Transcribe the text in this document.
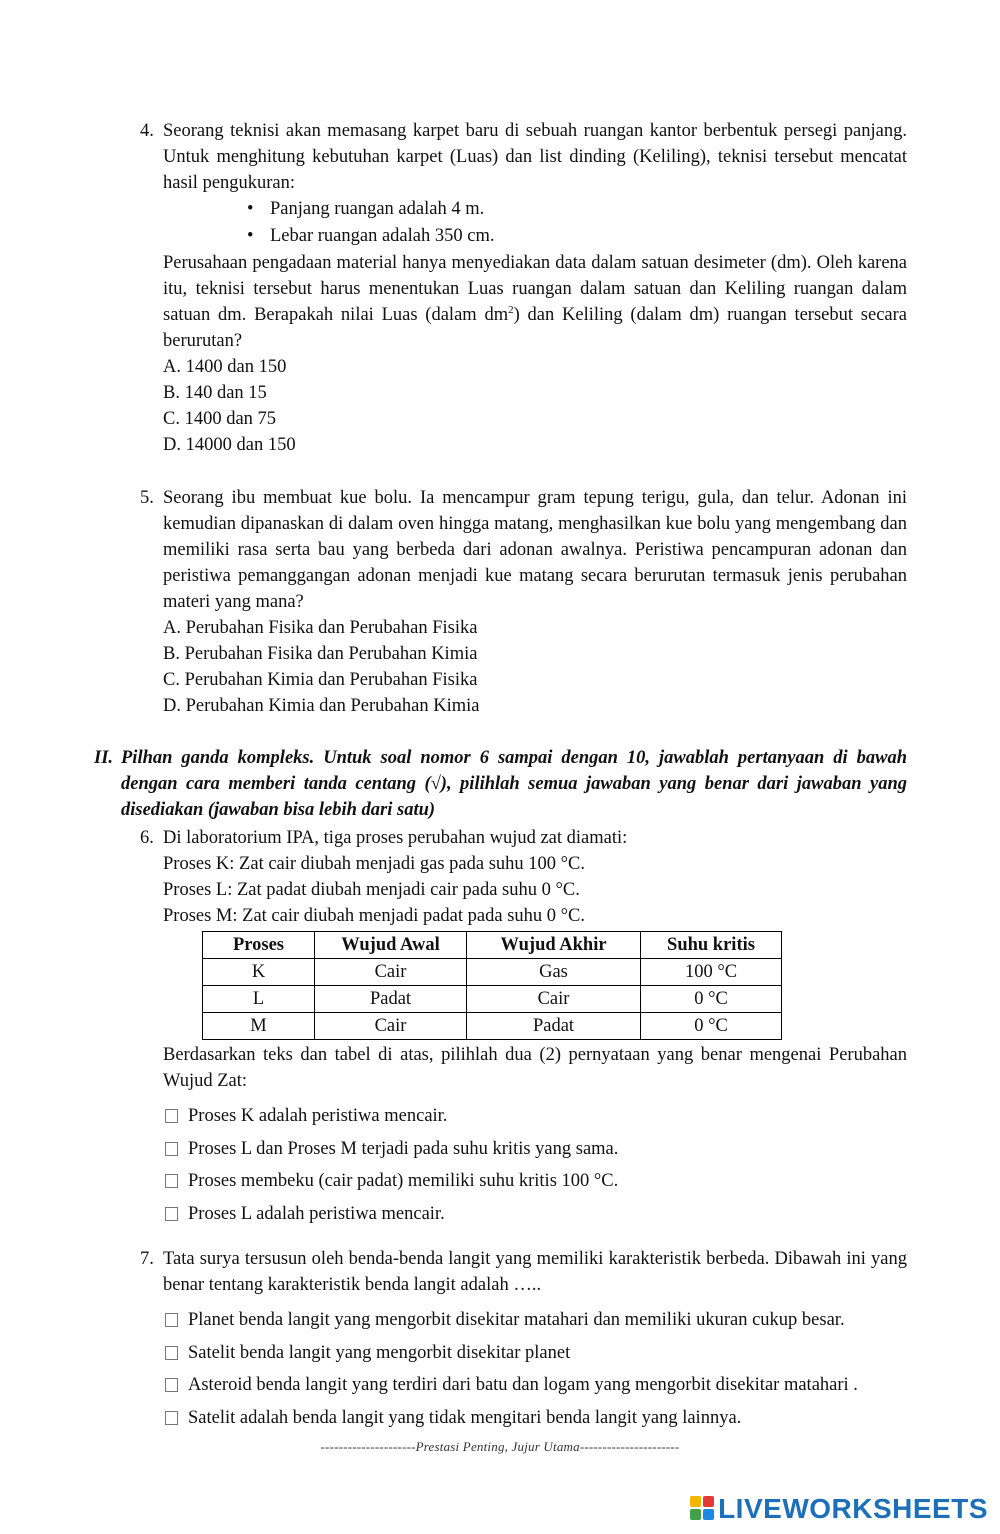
4. Seorang teknisi akan memasang karpet baru di sebuah ruangan kantor berbentuk persegi panjang. Untuk menghitung kebutuhan karpet (Luas) dan list dinding (Keliling), teknisi tersebut mencatat hasil pengukuran:

• Panjang ruangan adalah 4 m.
• Lebar ruangan adalah 350 cm.

Perusahaan pengadaan material hanya menyediakan data dalam satuan desimeter (dm). Oleh karena itu, teknisi tersebut harus menentukan Luas ruangan dalam satuan dan Keliling ruangan dalam satuan dm. Berapakah nilai Luas (dalam $dm^2$) dan Keliling (dalam dm) ruangan tersebut secara berurutan?

A. 1400 dan 150
B. 140 dan 15
C. 1400 dan 75
D. 14000 dan 150
5. Seorang ibu membuat kue bolu. Ia mencampur gram tepung terigu, gula, dan telur. Adonan ini kemudian dipanaskan di dalam oven hingga matang, menghasilkan kue bolu yang mengembang dan memiliki rasa serta bau yang berbeda dari adonan awalnya. Peristiwa pencampuran adonan dan peristiwa pemanggangan adonan menjadi kue matang secara berurutan termasuk jenis perubahan materi yang mana?

A. Perubahan Fisika dan Perubahan Fisika
B. Perubahan Fisika dan Perubahan Kimia
C. Perubahan Kimia dan Perubahan Fisika
D. Perubahan Kimia dan Perubahan Kimia
II. Pilhan ganda kompleks. Untuk soal nomor 6 sampai dengan 10, jawablah pertanyaan di bawah dengan cara memberi tanda centang (√), pilihlah semua jawaban yang benar dari jawaban yang disediakan (jawaban bisa lebih dari satu)
6. Di laboratorium IPA, tiga proses perubahan wujud zat diamati:

Proses K: Zat cair diubah menjadi gas pada suhu 100 °C.

Proses L: Zat padat diubah menjadi cair pada suhu 0 °C.

Proses M: Zat cair diubah menjadi padat pada suhu 0 °C.

Proses	Wujud Awal	Wujud Akhir	Suhu kritis
K	Cair	Gas	100 °C
L	Padat	Cair	0 °C
M	Cair	Padat	0 °C

Berdasarkan teks dan tabel di atas, pilihlah dua (2) pernyataan yang benar mengenai Perubahan Wujud Zat:

Proses K adalah peristiwa mencair.
Proses L dan Proses M terjadi pada suhu kritis yang sama.
Proses membeku (cair padat) memiliki suhu kritis 100 °C.
Proses L adalah peristiwa mencair.
7. Tata surya tersusun oleh benda-benda langit yang memiliki karakteristik berbeda. Dibawah ini yang benar tentang karakteristik benda langit adalah …..

Planet benda langit yang mengorbit disekitar matahari dan memiliki ukuran cukup besar.
Satelit benda langit yang mengorbit disekitar planet
Asteroid benda langit yang terdiri dari batu dan logam yang mengorbit disekitar matahari .
Satelit adalah benda langit yang tidak mengitari benda langit yang lainnya.
---------------------Prestasi Penting, Jujur Utama----------------------
LIVEWORKSHEETS
